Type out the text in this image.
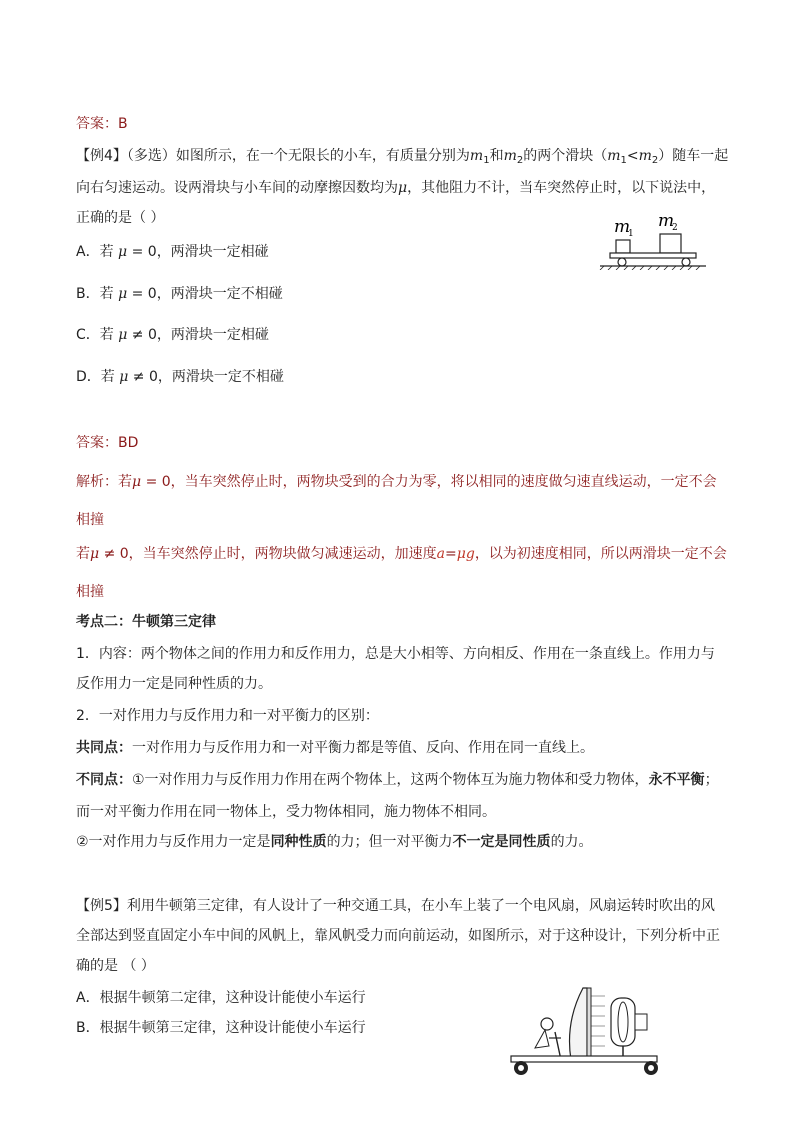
答案：B
【例4】（多选）如图所示，在一个无限长的小车，有质量分别为$m_1$和$m_2$的两个滑块$(m_1<m_2)$随车一起
向右匀速运动。设两滑块与小车间的动摩擦因数均为μ，其他阻力不计，当车突然停止时，以下说法中，
正确的是（ ）
A．若 μ = 0，两滑块一定相碰
B．若 μ = 0，两滑块一定不相碰
C．若 μ ≠ 0，两滑块一定相碰
D．若 μ ≠ 0，两滑块一定不相碰
m
1
m
2
答案：BD
解析：若μ = 0，当车突然停止时，两物块受到的合力为零，将以相同的速度做匀速直线运动，一定不会
相撞
若μ ≠ 0，当车突然停止时，两物块做匀减速运动，加速度a=μg，以为初速度相同，所以两滑块一定不会
相撞
考点二：牛顿第三定律
1．内容：两个物体之间的作用力和反作用力，总是大小相等、方向相反、作用在一条直线上。作用力与
反作用力一定是同种性质的力。
2．一对作用力与反作用力和一对平衡力的区别：
共同点：一对作用力与反作用力和一对平衡力都是等值、反向、作用在同一直线上。
不同点：①一对作用力与反作用力作用在两个物体上，这两个物体互为施力物体和受力物体，永不平衡；
而一对平衡力作用在同一物体上，受力物体相同，施力物体不相同。
②一对作用力与反作用力一定是同种性质的力；但一对平衡力不一定是同性质的力。
【例5】利用牛顿第三定律，有人设计了一种交通工具，在小车上装了一个电风扇，风扇运转时吹出的风
全部达到竖直固定小车中间的风帆上，靠风帆受力而向前运动，如图所示，对于这种设计，下列分析中正
确的是 （ ）
A．根据牛顿第二定律，这种设计能使小车运行
B．根据牛顿第三定律，这种设计能使小车运行
